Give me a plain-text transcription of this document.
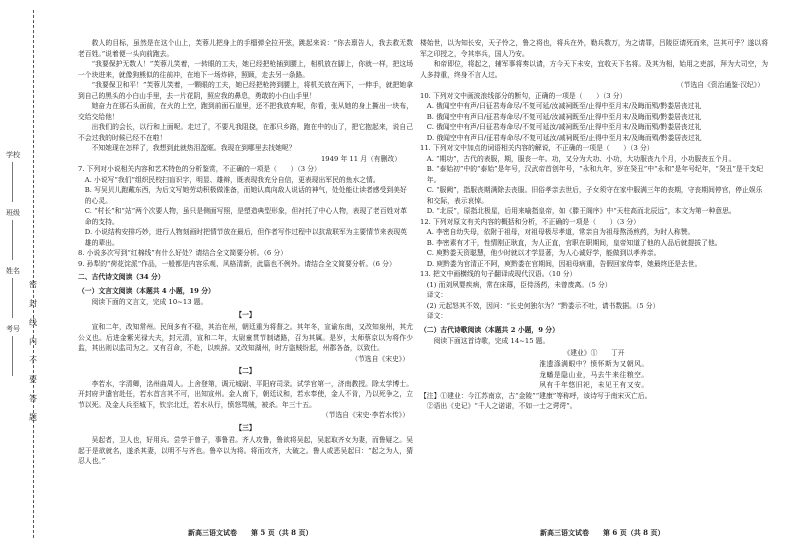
学校
班级
姓名
考号
密
封
线
内
不
要
答
题

救人的目标，虽然是在这个山上，芙蓉儿把身上的手榴弹全拉开弦，跳起来说：“你去禀告人，我去救无数老百姓。”说着便一头向前跑去。

“我要保护无数人！”芙蓉儿笑着，一转眼的工夫，她已经把枪插到腰上，相机放在脚上，你就一样，把这场一个块进来，就像狗熊似的往前冲，在地下一场炸碎，照顾，走去另一条路。

“我要保卫和平！”芙蓉儿笑着，一颗眼的工夫，她已经把枪挎到腰上，将机关放在两下，一伸手，就把她拿到自己的黑头的小白山手里，去一片花阴，照应我的鼻息，勇敢的小白山手里！

她奋力在那石头面前，在火的上空，跑到前面石崖里，还不把我放弃呢，你看，张从她的身上撕出一块布，交给交给他！

出我们的会长，以行和上面呢。走过了，不要凡我阻挠，在那只乡路，跑在中的山了，把它抱起来，说自己不会过我的时候已经不在啦！

不知她现在怎样了，我想到此就热泪盈眶。我现在到哪里去找她呢？

1949 年 11 月（有删改）

7. 下列对小说相关内容和艺术特色的分析鉴赏，不正确的一项是（　　）（3 分）

A. 小说写“我们”组织民校扫盲识字，明显、雄辩，既表现我充分自信，更表现出军民的鱼水之情。

B. 写吴贝儿跑戴东西，为后文写她劳动积极做准备，而她认真向敌人说话的神气，处处能让读者感受到美好的心灵。

C. “村长”和“站”两个次要人物，虽只是侧面写照，是塑造典型形象，但衬托了中心人物，表现了老百姓对革命的支持。

D. 小说结构安排巧妙，进行人物刻画时把情节放在最后，但作者写作过程中以抗敌联军为主要情节来表现英雄的辈出。

8. 小说多次写到“红棉线”有什么好处？请结合全文简要分析。（6 分）

9. 孙犁的“荷花淀派”作品，一般都是内容乐观、风格清新，此篇也不例外。请结合全文简要分析。（6 分）

二、古代诗文阅读（34 分）

（一）文言文阅读（本题共 4 小题，19 分）

阅读下面的文言文，完成 10~13 题。

【一】

宣和二年，改知常州。民间多有不稳，其治在州，朝廷重为将督之。其年冬，宣谕东南，又改知泉州，其尤公义也。后进金紫光禄大夫，封元清，宣和二年，太尉童贯节制诸路，召为其属。是岁，太师蔡京以为将作少监，其出则以监司为之。又有召命，不赴，以疾辞。又改知湖州，时方盗贼纷起，州郡各备，以致仕。

（节选自《宋史》）

【二】

李若水，字清卿，洺州曲周人。上舍登第，调元城尉、平阳府司录。试学官第一，济南教授。除太学博士。开封府尹遣官赴任，若水首言其不可，出知宣州。金人南下，朝廷议和，若水奉使，金人不肯，乃以死争之，立节以死。及金人兵至城下，钦宗北迁，若水从行，愤怒骂贼，被杀。年三十五。

（节选自《宋史·李若水传》）

【三】

吴起者，卫人也，好用兵。尝学于曾子，事鲁君。齐人攻鲁，鲁欲将吴起，吴起取齐女为妻，而鲁疑之。吴起于是欲就名，遂杀其妻，以明不与齐也。鲁卒以为将。将而攻齐，大破之。鲁人或恶吴起曰：“起之为人，猜忍人也。”

楼始世，以为知长安，天子怜之，鲁之将也，将兵在外，勒兵数万，为之请罪，吕陵臣请死而来，岂其可乎？遂以将军之印授之，令其率兵，国人乃安。

和帝即位，将起之，辅军事将奏以请，方今天下未安，宜收天下名将。及其为相，始用之吏部，拜为大司空，为人多持重，终身不言人过。

（节选自《资治通鉴·汉纪》）

10. 下列对文中画波浪线部分的断句，正确的一项是（　　）（3 分）

A. 俄闻空中有声/曰征君寿命尽/不复可延/汝减祠既至/止得中至月末/及晦而殒/黔娄居丧过礼

B. 俄闻空中有声曰/征君寿命尽/不复可延/汝减祠既至/止得中至月末/及晦而殒/黔娄居丧过礼

C. 俄闻空中有声/曰征君寿命尽/不复可延汝/减祠既至/止得中至月末/及晦而殒/黔娄居丧过礼

D. 俄闻空中有声曰/征君寿命尽/不复可延汝/减祠既至/止得中至月末/及晦而殒/黔娄居丧过礼

11. 下列对文中加点的词语相关内容的解说，不正确的一项是（　　）（3 分）

A. “期功”，古代的表服，期，服丧一年。功，又分为大功、小功，大功服丧九个月，小功服丧五个月。

B. “泰始初”中的“泰始”是年号，汉武帝首创年号，“永和九年，岁在癸丑”中“永和”是年号纪年，“癸丑”是干支纪年。

C. “服阙”，指服丧期满除去丧服。旧俗孝亲去世后，子女须守在家中服满三年的丧期，守丧期间停官，停止娱乐和交际，表示哀悼。

D. “北辰”，原指北极星，后用来喻指皇帝，如《滕王阁序》中“天柱高而北辰远”，本文为第一种意思。

12. 下列对原文有关内容的概括和分析，不正确的一项是（　　）（3 分）

A. 李密自幼失母，依附于祖母，对祖母极尽孝道，常亲自为祖母熬汤煎药，为时人称赞。

B. 李密素有才干，性情刚正耿直，为人正直，官职在职期间，皇帝知道了他的人品后就提拔了他。

C. 庾黔娄天资聪慧，他少时就以才学显著，为人心诚好学，能做到以孝养亲。

D. 庾黔娄为官清正不阿，庾黔娄在官期间，因祖母病重，告假回家侍奉，她最终还是去世。

13. 把文中画横线的句子翻译成现代汉语。（10 分）

(1) 而刘夙婴疾病，常在床蓐，臣侍汤药，未曾废离。（5 分）

译文：

(2) 元起怒其不效，因问：“长史何独尔为？”黔娄示不吐，请书数据。（5 分）

译文：

（二）古代诗歌阅读（本题共 2 小题，9 分）

阅读下面这首诗歌，完成 14~15 题。

《建业》①　　丁开

淮遗涤满眼中？愤怀斯为又朝风。

龙蟠是隐山业，马去牛来往粮空。

夙有千年悠旧祀，未见王有又安。

【注】①建业：今江苏南京，古“金陵”“建康”等称呼，该诗写于南宋灭亡后。

②语出《史记》“千人之诺诺，不如一士之谔谔”。

新高三语文试卷　　第 5 页（共 8 页）	新高三语文试卷　　第 6 页（共 8 页）
